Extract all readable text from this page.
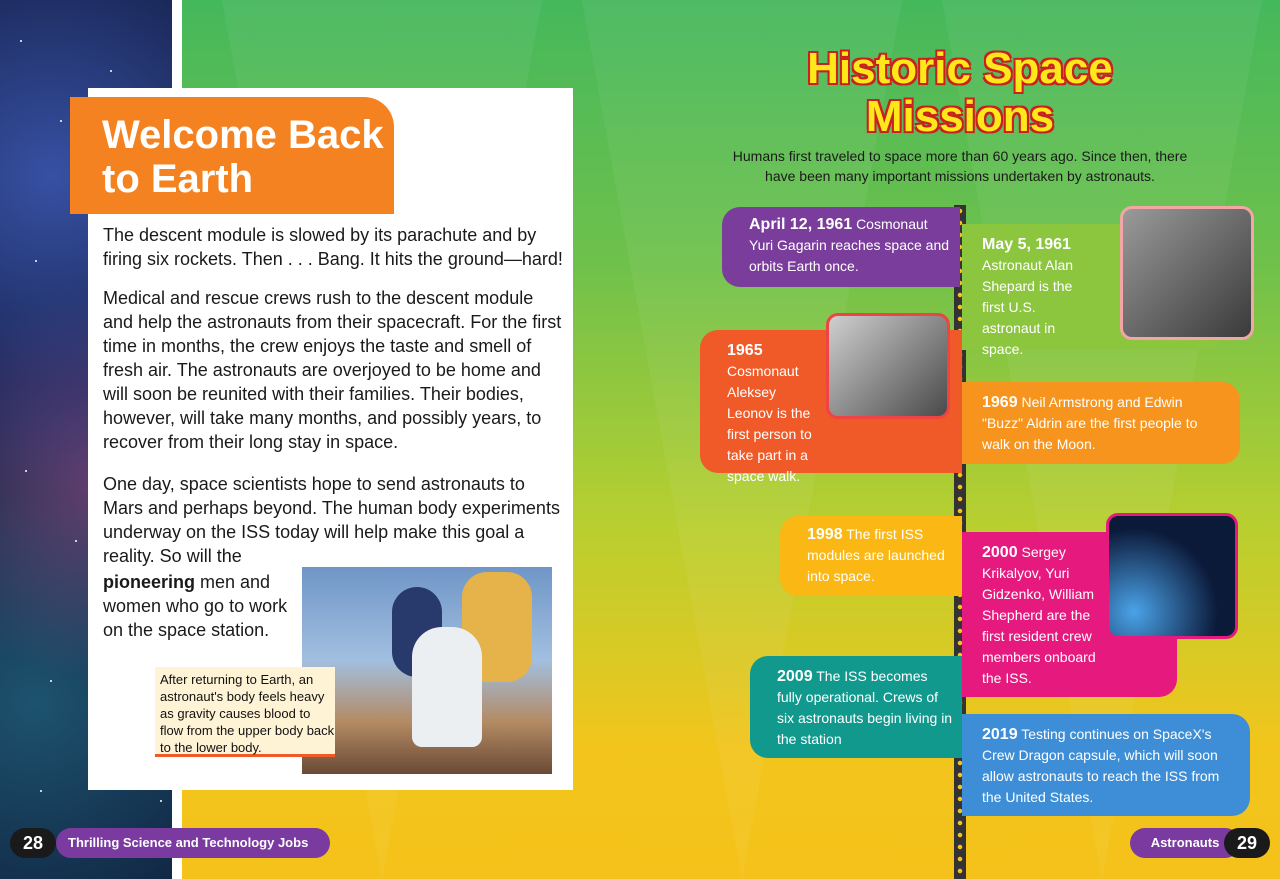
Welcome Back
to Earth

The descent module is slowed by its parachute and by firing six rockets. Then . . . Bang. It hits the ground—hard!

Medical and rescue crews rush to the descent module and help the astronauts from their spacecraft. For the first time in months, the crew enjoys the taste and smell of fresh air. The astronauts are overjoyed to be home and will soon be reunited with their families. Their bodies, however, will take many months, and possibly years, to recover from their long stay in space.

One day, space scientists hope to send astronauts to Mars and perhaps beyond. The human body experiments underway on the ISS today will help make this goal a reality. So will the

pioneering men and women who go to work on the space station.

After returning to Earth, an astronaut's body feels heavy as gravity causes blood to flow from the upper body back to the lower body.

28	Thrilling Science and Technology Jobs
Historic Space
Missions

Humans first traveled to space more than 60 years ago. Since then, there have been many important missions undertaken by astronauts.

April 12, 1961 Cosmonaut Yuri Gagarin reaches space and orbits Earth once.

May 5, 1961
Astronaut Alan Shepard is the first U.S. astronaut in space.

1965
Cosmonaut Aleksey Leonov is the first person to take part in a space walk.

1969 Neil Armstrong and Edwin "Buzz" Aldrin are the first people to walk on the Moon.

1998 The first ISS modules are launched into space.

2000 Sergey Krikalyov, Yuri Gidzenko, William Shepherd are the first resident crew members onboard the ISS.

2009 The ISS becomes fully operational. Crews of six astronauts begin living in the station	2019 Testing continues on SpaceX's Crew Dragon capsule, which will soon allow astronauts to reach the ISS from the United States.

Astronauts 29
